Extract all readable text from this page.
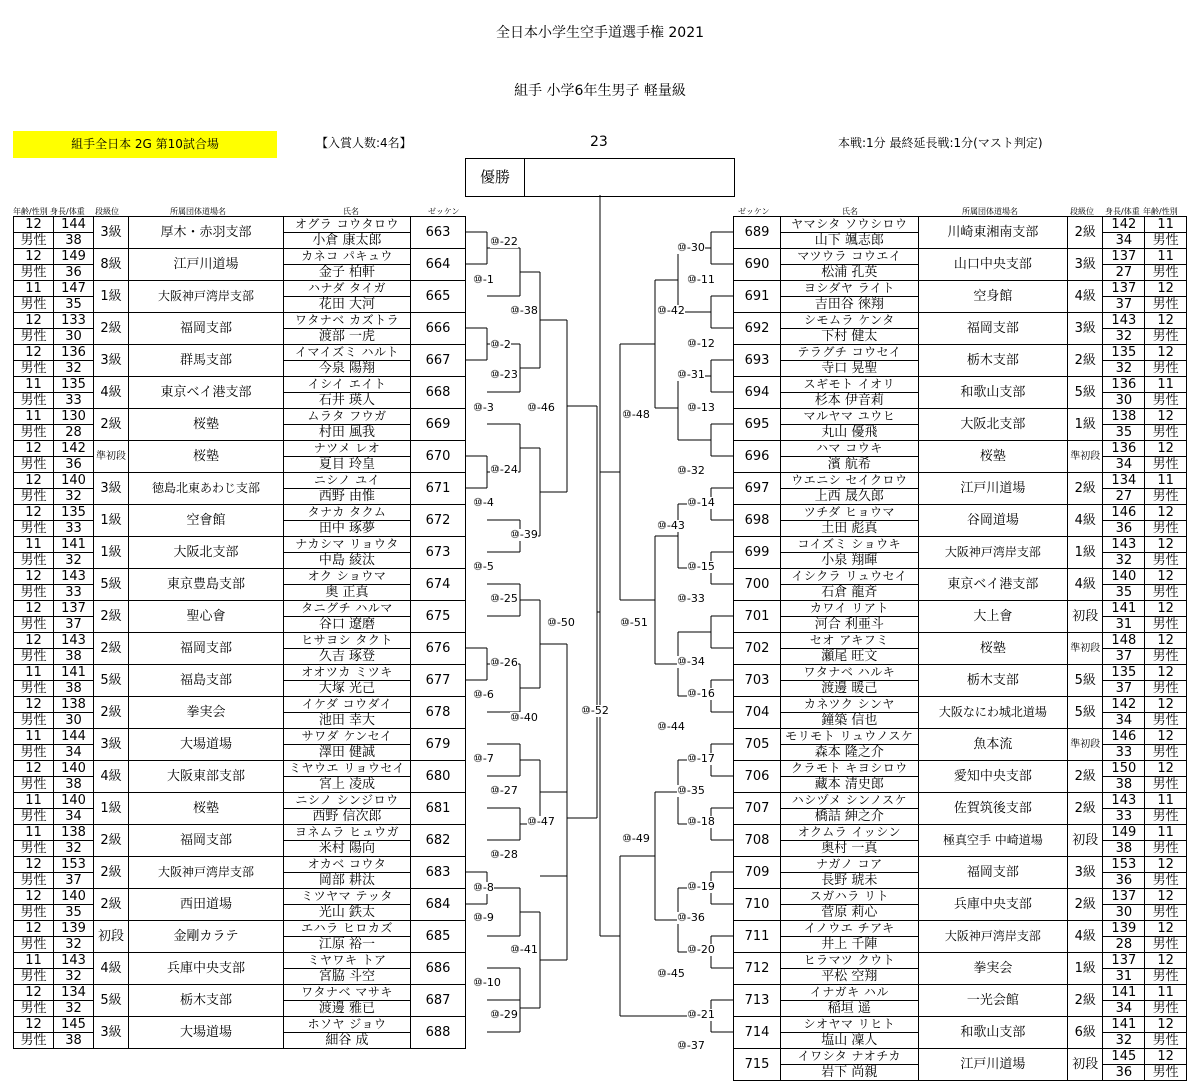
全日本小学生空手道選手権 2021
組手 小学6年生男子 軽量級
組手全日本 2G 第10試合場	【入賞人数:4名】	23	本戦:1分 最終延長戦:1分(マスト判定)
優勝
年齢/性別 身長/体重 段級位	所属団体道場名	氏名	ゼッケン	ゼッケン	氏名	所属団体道場名	段級位 身長/体重 年齢/性別
12	144	3級	厚木・赤羽支部	オグラ コウタロウ	663
男性	38			小倉 康太郎	
12	149	8級	江戸川道場	カネコ パキュウ	664
男性	36			金子 柏軒	
11	147	1級	大阪神戸湾岸支部	ハナダ タイガ	665
男性	35			花田 大河	
12	133	2級	福岡支部	ワタナベ カズトラ	666
男性	30			渡部 一虎	
12	136	3級	群馬支部	イマイズミ ハルト	667
男性	32			今泉 陽翔	
11	135	4級	東京ベイ港支部	イシイ エイト	668
男性	33			石井 瑛人	
11	130	2級	桜塾	ムラタ フウガ	669
男性	28			村田 風我	
12	142	準初段	桜塾	ナツメ レオ	670
男性	36			夏目 玲皇	
12	140	3級	徳島北東あわじ支部	ニシノ ユイ	671
男性	32			西野 由惟	
12	135	1級	空會館	タナカ タクム	672
男性	33			田中 琢夢	
11	141	1級	大阪北支部	ナカシマ リョウタ	673
男性	32			中島 綾汰	
12	143	5級	東京豊島支部	オク ショウマ	674
男性	33			奥 正真	
12	137	2級	聖心會	タニグチ ハルマ	675
男性	37			谷口 遼磨	
12	143	2級	福岡支部	ヒサヨシ タクト	676
男性	38			久吉 琢登	
11	141	5級	福島支部	オオツカ ミツキ	677
男性	38			大塚 光己	
12	138	2級	拳実会	イケダ コウダイ	678
男性	30			池田 幸大	
11	144	3級	大場道場	サワダ ケンセイ	679
男性	34			澤田 健誠	
12	140	4級	大阪東部支部	ミヤウエ リョウセイ	680
男性	38			宮上 凌成	
11	140	1級	桜塾	ニシノ シンジロウ	681
男性	34			西野 信次郎	
11	138	2級	福岡支部	ヨネムラ ヒュウガ	682
男性	32			米村 陽向	
12	153	2級	大阪神戸湾岸支部	オカベ コウタ	683
男性	37			岡部 耕汰	
12	140	2級	西田道場	ミツヤマ テッタ	684
男性	35			光山 鉄太	
12	139	初段	金剛カラテ	エハラ ヒロカズ	685
男性	32			江原 裕一	
11	143	4級	兵庫中央支部	ミヤワキ トア	686
男性	32			宮脇 斗空	
12	134	5級	栃木支部	ワタナベ マサキ	687
男性	32			渡邊 雅已	
12	145	3級	大場道場	ホソヤ ジョウ	688
男性	38			細谷 成	
689	ヤマシタ ソウシロウ	川崎東湘南支部	2級	142	11
	山下 颯志郎			34	男性
690	マツウラ コウエイ	山口中央支部	3級	137	11
	松浦 孔英			27	男性
691	ヨシダヤ ライト	空身館	4級	137	12
	吉田谷 徠翔			37	男性
692	シモムラ ケンタ	福岡支部	3級	143	12
	下村 健太			32	男性
693	テラグチ コウセイ	栃木支部	2級	135	12
	寺口 晃聖			32	男性
694	スギモト イオリ	和歌山支部	5級	136	11
	杉本 伊音莉			30	男性
695	マルヤマ ユウヒ	大阪北支部	1級	138	12
	丸山 優飛			35	男性
696	ハマ コウキ	桜塾	準初段	136	12
	濱 航希			34	男性
697	ウエニシ セイクロウ	江戸川道場	2級	134	11
	上西 晟久郎			27	男性
698	ツチダ ヒョウマ	谷岡道場	4級	146	12
	土田 彪真			36	男性
699	コイズミ ショウキ	大阪神戸湾岸支部	1級	143	12
	小泉 翔暉			32	男性
700	イシクラ リュウセイ	東京ベイ港支部	4級	140	12
	石倉 龍斉			35	男性
701	カワイ リアト	大上會	初段	141	12
	河合 利亜斗			31	男性
702	セオ アキフミ	桜塾	準初段	148	12
	瀬尾 旺文			37	男性
703	ワタナベ ハルキ	栃木支部	5級	135	12
	渡邊 暖己			37	男性
704	カネツク シンヤ	大阪なにわ城北道場	5級	142	12
	鐘築 信也			34	男性
705	モリモト リュウノスケ	魚本流	準初段	146	12
	森本 隆之介			33	男性
706	クラモト キヨシロウ	愛知中央支部	2級	150	12
	藏本 清史郎			38	男性
707	ハシヅメ シンノスケ	佐賀筑後支部	2級	143	11
	橋詰 紳之介			33	男性
708	オクムラ イッシン	極真空手 中崎道場	初段	149	11
	奥村 一真			38	男性
709	ナガノ コア	福岡支部	3級	153	12
	長野 琥未			36	男性
710	スガハラ リト	兵庫中央支部	2級	137	12
	菅原 莉心			30	男性
711	イノウエ チアキ	大阪神戸湾岸支部	4級	139	12
	井上 千陣			28	男性
712	ヒラマツ クウト	拳実会	1級	137	12
	平松 空翔			31	男性
713	イナガキ ハル	一光会館	2級	141	11
	稲垣 遥			34	男性
714	シオヤマ リヒト	和歌山支部	6級	141	12
	塩山 凜人			32	男性
715	イワシタ ナオチカ	江戸川道場	初段	145	12
	岩下 尚親			36	男性
⑩-22
⑩-2
⑩-24
⑩-26
⑩-28
⑩-1
⑩-3
⑩-4
⑩-5
⑩-6
⑩-7
⑩-8
⑩-9
⑩-10
⑩-23
⑩-25
⑩-27
⑩-29
⑩-38
⑩-39
⑩-40
⑩-41
⑩-46
⑩-47
⑩-50
⑩-30
⑩-32
⑩-34
⑩-36
⑩-11
⑩-12
⑩-13
⑩-14
⑩-15
⑩-16
⑩-17
⑩-18
⑩-19
⑩-20
⑩-21
⑩-31
⑩-33
⑩-35
⑩-37
⑩-42
⑩-43
⑩-44
⑩-45
⑩-48
⑩-49
⑩-51
⑩-52
